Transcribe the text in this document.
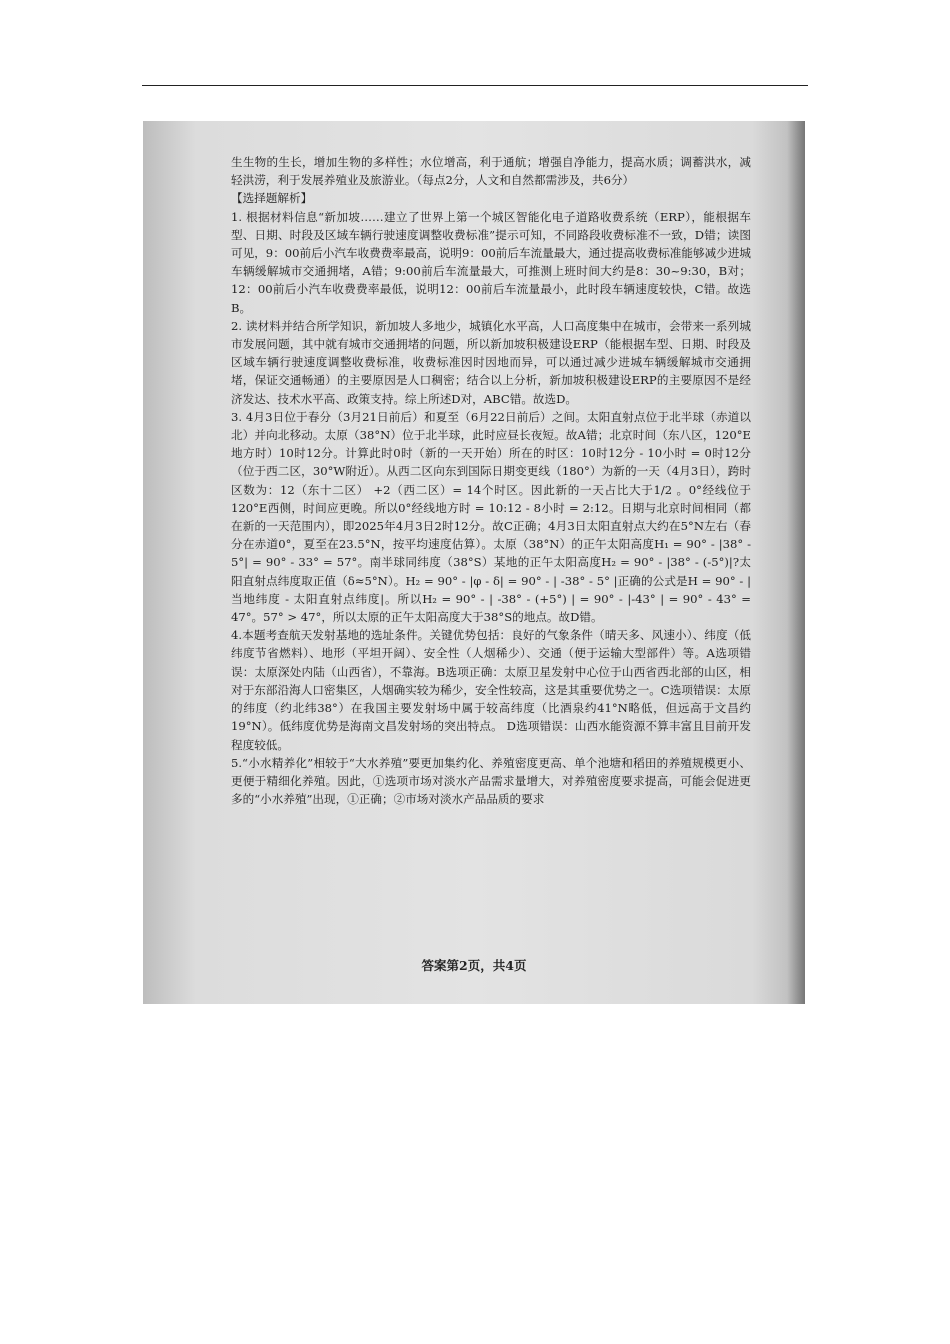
生生物的生长，增加生物的多样性；水位增高，利于通航；增强自净能力，提高水质；调蓄洪水，减轻洪涝，利于发展养殖业及旅游业。（每点2分，人文和自然都需涉及，共6分）

【选择题解析】

1. 根据材料信息“新加坡……建立了世界上第一个城区智能化电子道路收费系统（ERP），能根据车型、日期、时段及区域车辆行驶速度调整收费标准”提示可知，不同路段收费标准不一致，D错；读图可见，9：00前后小汽车收费费率最高，说明9：00前后车流量最大，通过提高收费标准能够减少进城车辆缓解城市交通拥堵，A错；9:00前后车流量最大，可推测上班时间大约是8：30~9:30，B对；12：00前后小汽车收费费率最低，说明12：00前后车流量最小，此时段车辆速度较快，C错。故选B。

2. 读材料并结合所学知识，新加坡人多地少，城镇化水平高，人口高度集中在城市，会带来一系列城市发展问题，其中就有城市交通拥堵的问题，所以新加坡积极建设ERP（能根据车型、日期、时段及区域车辆行驶速度调整收费标准，收费标准因时因地而异，可以通过减少进城车辆缓解城市交通拥堵，保证交通畅通）的主要原因是人口稠密；结合以上分析，新加坡积极建设ERP的主要原因不是经济发达、技术水平高、政策支持。综上所述D对，ABC错。故选D。

3. 4月3日位于春分（3月21日前后）和夏至（6月22日前后）之间。太阳直射点位于北半球（赤道以北）并向北移动。太原（38°N）位于北半球，此时应昼长夜短。故A错；北京时间（东八区，120°E地方时）10时12分。计算此时0时（新的一天开始）所在的时区：10时12分 - 10小时 = 0时12分（位于西二区，30°W附近）。从西二区向东到国际日期变更线（180°）为新的一天（4月3日），跨时区数为：12（东十二区） +2（西二区）= 14个时区。因此新的一天占比大于1/2 。0°经线位于120°E西侧，时间应更晚。所以0°经线地方时 = 10:12 - 8小时 = 2:12。日期与北京时间相同（都在新的一天范围内），即2025年4月3日2时12分。故C正确；4月3日太阳直射点大约在5°N左右（春分在赤道0°，夏至在23.5°N，按平均速度估算）。太原（38°N）的正午太阳高度H₁ = 90° - |38° - 5°| = 90° - 33° = 57°。南半球同纬度（38°S）某地的正午太阳高度H₂ = 90° - |38° - (-5°)|?太阳直射点纬度取正值（δ≈5°N）。H₂ = 90° - |φ - δ| = 90° - | -38° - 5° |正确的公式是H = 90° - |当地纬度 - 太阳直射点纬度|。所以H₂ = 90° - | -38° - (+5°) | = 90° - |-43° | = 90° - 43° = 47°。57° > 47°，所以太原的正午太阳高度大于38°S的地点。故D错。

4.本题考查航天发射基地的选址条件。关键优势包括：良好的气象条件（晴天多、风速小）、纬度（低纬度节省燃料）、地形（平坦开阔）、安全性（人烟稀少）、交通（便于运输大型部件）等。A选项错误：太原深处内陆（山西省），不靠海。B选项正确：太原卫星发射中心位于山西省西北部的山区，相对于东部沿海人口密集区，人烟确实较为稀少，安全性较高，这是其重要优势之一。C选项错误：太原的纬度（约北纬38°）在我国主要发射场中属于较高纬度（比酒泉约41°N略低，但远高于文昌约19°N）。低纬度优势是海南文昌发射场的突出特点。 D选项错误：山西水能资源不算丰富且目前开发程度较低。

5.“小水精养化”相较于“大水养殖”要更加集约化、养殖密度更高、单个池塘和稻田的养殖规模更小、更便于精细化养殖。因此，①选项市场对淡水产品需求量增大，对养殖密度要求提高，可能会促进更多的“小水养殖”出现，①正确；②市场对淡水产品品质的要求

答案第2页，共4页
